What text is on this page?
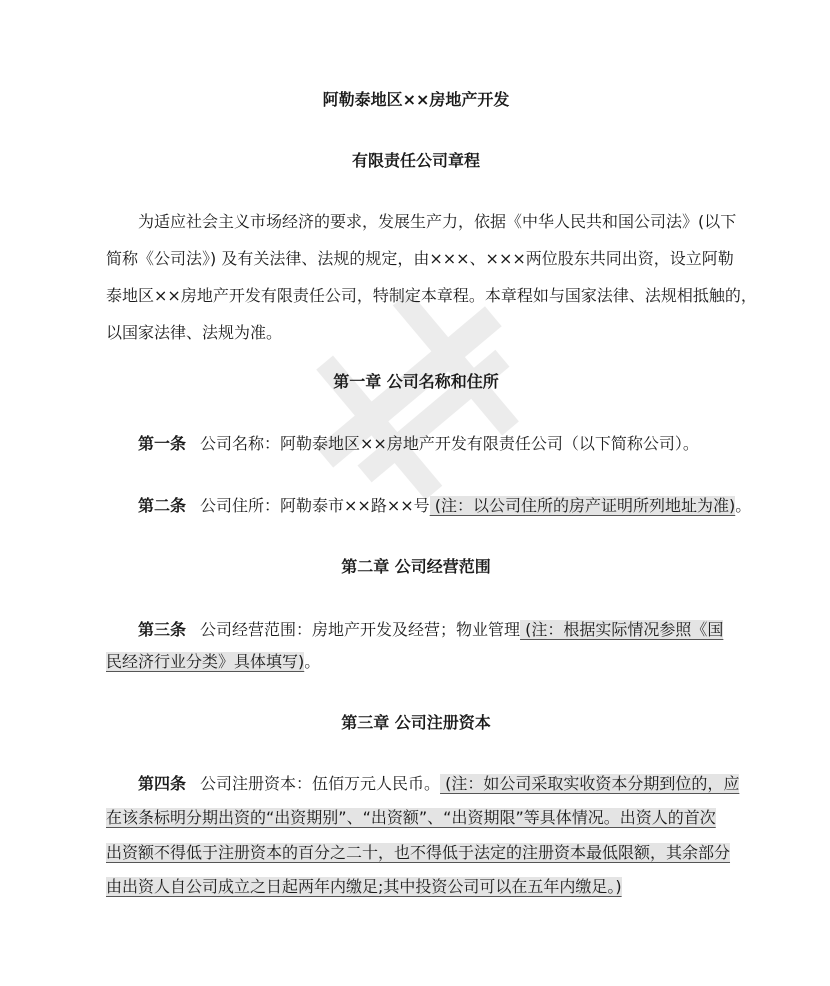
阿勒泰地区××房地产开发
有限责任公司章程
为适应社会主义市场经济的要求，发展生产力，依据《中华人民共和国公司法》(以下
简称《公司法》) 及有关法律、法规的规定，由×××、×××两位股东共同出资，设立阿勒
泰地区××房地产开发有限责任公司，特制定本章程。本章程如与国家法律、法规相抵触的，
以国家法律、法规为准。
第一章 公司名称和住所
第一条 公司名称：阿勒泰地区××房地产开发有限责任公司（以下简称公司）。
第二条 公司住所：阿勒泰市××路××号 (注：以公司住所的房产证明所列地址为准)。
第二章 公司经营范围
第三条 公司经营范围：房地产开发及经营；物业管理 (注：根据实际情况参照《国
民经济行业分类》具体填写)。
第三章 公司注册资本
第四条 公司注册资本：伍佰万元人民币。 (注：如公司采取实收资本分期到位的，应
在该条标明分期出资的“出资期别”、“出资额”、“出资期限”等具体情况。出资人的首次
出资额不得低于注册资本的百分之二十，也不得低于法定的注册资本最低限额，其余部分
由出资人自公司成立之日起两年内缴足;其中投资公司可以在五年内缴足。)
